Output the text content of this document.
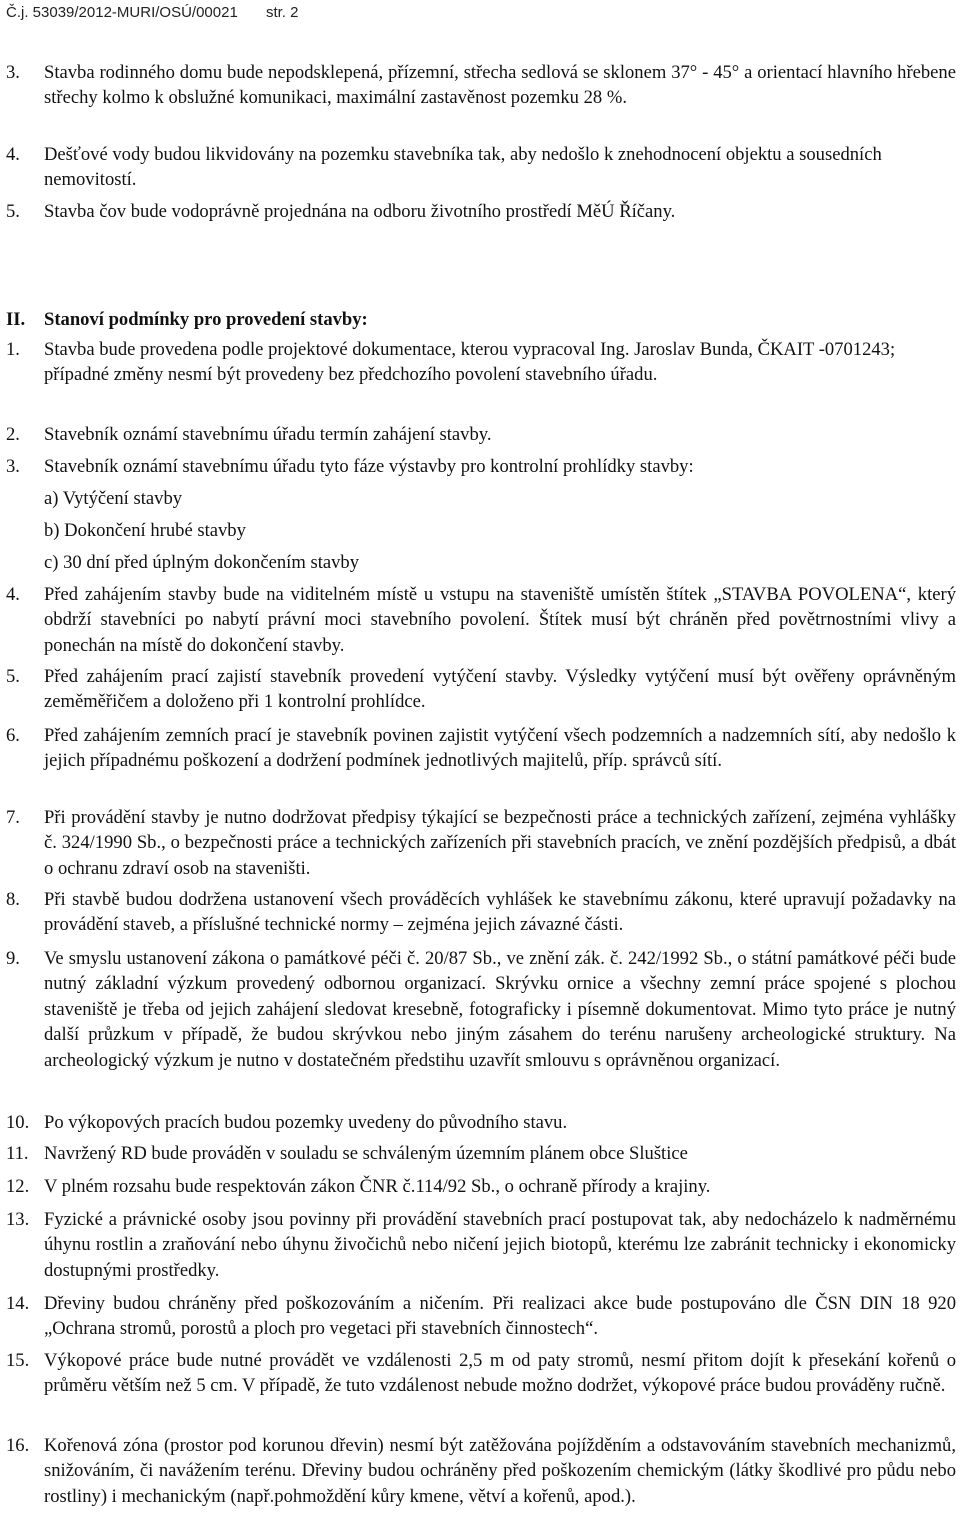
Č.j. 53039/2012-MURI/OSÚ/00021 str. 2
3.	Stavba rodinného domu bude nepodsklepená, přízemní, střecha sedlová se sklonem 37° - 45° a orientací hlavního hřebene střechy kolmo k obslužné komunikaci, maximální zastavěnost pozemku 28 %.
4.	Dešťové vody budou likvidovány na pozemku stavebníka tak, aby nedošlo k znehodnocení objektu a sousedních nemovitostí.
5.	Stavba čov bude vodoprávně projednána na odboru životního prostředí MěÚ Říčany.
II.	Stanoví podmínky pro provedení stavby:
1.	Stavba bude provedena podle projektové dokumentace, kterou vypracoval Ing. Jaroslav Bunda, ČKAIT -0701243; případné změny nesmí být provedeny bez předchozího povolení stavebního úřadu.
2.	Stavebník oznámí stavebnímu úřadu termín zahájení stavby.
3.	Stavebník oznámí stavebnímu úřadu tyto fáze výstavby pro kontrolní prohlídky stavby:
a) Vytýčení stavby
b) Dokončení hrubé stavby
c) 30 dní před úplným dokončením stavby
4.	Před zahájením stavby bude na viditelném místě u vstupu na staveniště umístěn štítek „STAVBA POVOLENA“, který obdrží stavebníci po nabytí právní moci stavebního povolení. Štítek musí být chráněn před povětrnostními vlivy a ponechán na místě do dokončení stavby.
5.	Před zahájením prací zajistí stavebník provedení vytýčení stavby. Výsledky vytýčení musí být ověřeny oprávněným zeměměřičem a doloženo při 1 kontrolní prohlídce.
6.	Před zahájením zemních prací je stavebník povinen zajistit vytýčení všech podzemních a nadzemních sítí, aby nedošlo k jejich případnému poškození a dodržení podmínek jednotlivých majitelů, příp. správců sítí.
7.	Při provádění stavby je nutno dodržovat předpisy týkající se bezpečnosti práce a technických zařízení, zejména vyhlášky č. 324/1990 Sb., o bezpečnosti práce a technických zařízeních při stavebních pracích, ve znění pozdějších předpisů, a dbát o ochranu zdraví osob na staveništi.
8.	Při stavbě budou dodržena ustanovení všech prováděcích vyhlášek ke stavebnímu zákonu, které upravují požadavky na provádění staveb, a příslušné technické normy – zejména jejich závazné části.
9.	Ve smyslu ustanovení zákona o památkové péči č. 20/87 Sb., ve znění zák. č. 242/1992 Sb., o státní památkové péči bude nutný základní výzkum provedený odbornou organizací. Skrývku ornice a všechny zemní práce spojené s plochou staveniště je třeba od jejich zahájení sledovat kresebně, fotograficky i písemně dokumentovat. Mimo tyto práce je nutný další průzkum v případě, že budou skrývkou nebo jiným zásahem do terénu narušeny archeologické struktury. Na archeologický výzkum je nutno v dostatečném předstihu uzavřít smlouvu s oprávněnou organizací.
10. Po výkopových pracích budou pozemky uvedeny do původního stavu.
11. Navržený RD bude prováděn v souladu se schváleným územním plánem obce Slušt​ice
12. V plném rozsahu bude respektován zákon ČNR č.114/92 Sb., o ochraně přírody a krajiny.
13. Fyzické a právnické osoby jsou povinny při provádění stavebních prací postupovat tak, aby nedocházelo k nadměrnému úhynu rostlin a zraňování nebo úhynu živočichů nebo ničení jejich biotopů, kterému lze zabránit technicky i ekonomicky dostupnými prostředky.
14. Dřeviny budou chráněny před poškozováním a ničením. Při realizaci akce bude postupováno dle ČSN DIN 18 920 „Ochrana stromů, porostů a ploch pro vegetaci při stavebních činnostech“.
15. Výkopové práce bude nutné provádět ve vzdálenosti 2,5 m od paty stromů, nesmí přitom dojít k přesekání kořenů o průměru větším než 5 cm. V případě, že tuto vzdálenost nebude možno dodržet, výkopové práce budou prováděny ručně.
16. Kořenová zóna (prostor pod korunou dřevin) nesmí být zatěžována pojížděním a odstavováním stavebních mechanizmů, snižováním, či navážením terénu. Dřeviny budou ochráněny před poškozením chemickým (látky škodlivé pro půdu nebo rostliny) i mechanickým (např.pohmoždění kůry kmene, větví a kořenů, apod.).
